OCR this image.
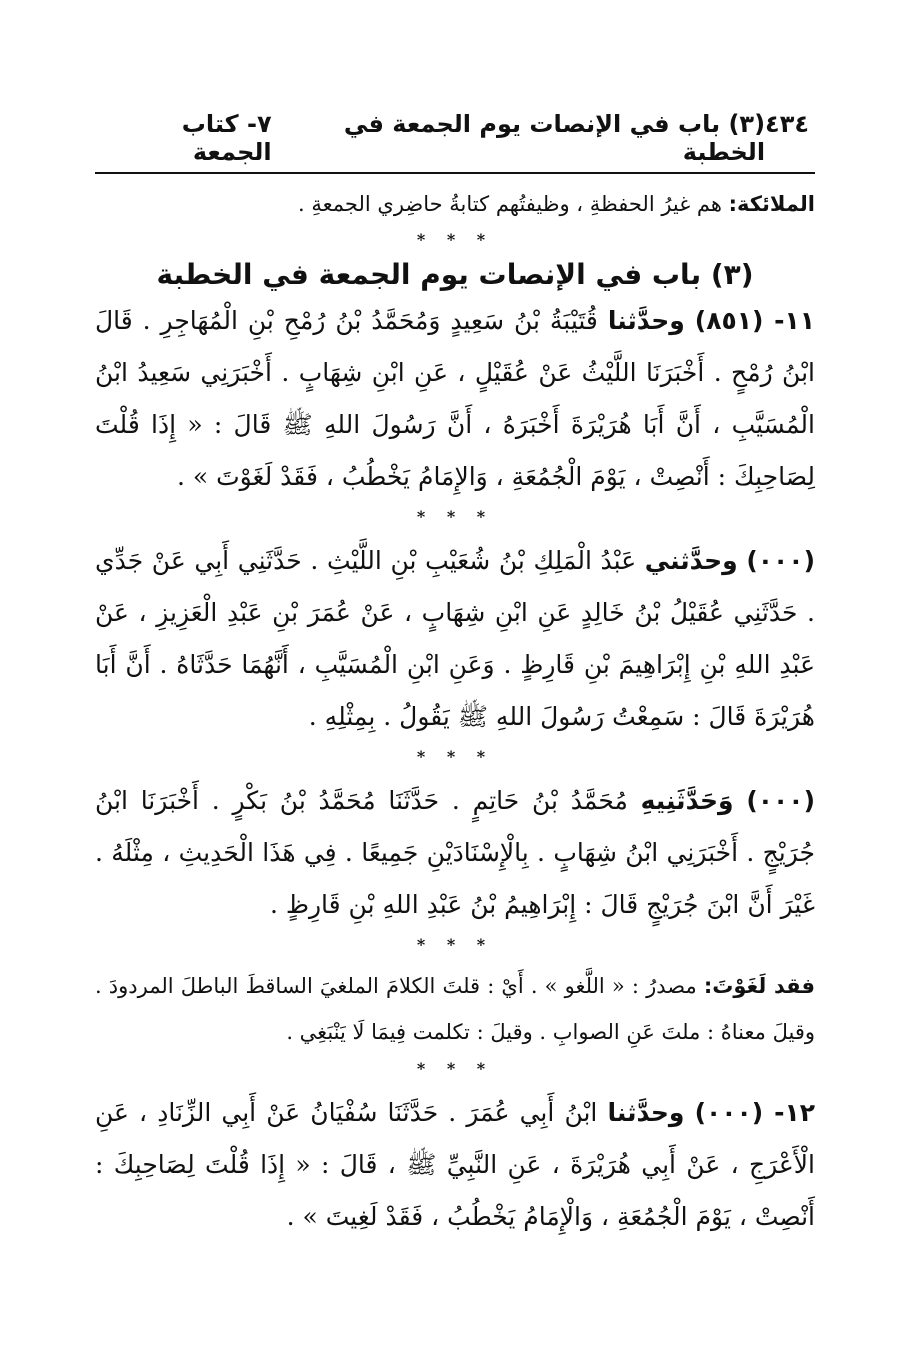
٤٣٤
(٣) باب في الإنصات يوم الجمعة في الخطبة
٧- كتاب الجمعة
الملائكة: هم غيرُ الحفظةِ ، وظيفتُهم كتابةُ حاضِري الجمعةِ .
* * *
(٣) باب في الإنصات يوم الجمعة في الخطبة

١١- (٨٥١) وحدَّثنا قُتَيْبَةُ بْنُ سَعِيدٍ وَمُحَمَّدُ بْنُ رُمْحِ بْنِ الْمُهَاجِرِ . قَالَ ابْنُ رُمْحٍ . أَخْبَرَنَا اللَّيْثُ عَنْ عُقَيْلٍ ، عَنِ ابْنِ شِهَابٍ . أَخْبَرَنِي سَعِيدُ ابْنُ الْمُسَيَّبِ ، أَنَّ أَبَا هُرَيْرَةَ أَخْبَرَهُ ، أَنَّ رَسُولَ اللهِ ﷺ قَالَ : « إِذَا قُلْتَ لِصَاحِبِكَ : أَنْصِتْ ، يَوْمَ الْجُمُعَةِ ، وَالإِمَامُ يَخْطُبُ ، فَقَدْ لَغَوْتَ » .

* * *

(٠٠٠) وحدَّثني عَبْدُ الْمَلِكِ بْنُ شُعَيْبِ بْنِ اللَّيْثِ . حَدَّثَنِي أَبِي عَنْ جَدِّي . حَدَّثَنِي عُقَيْلُ بْنُ خَالِدٍ عَنِ ابْنِ شِهَابٍ ، عَنْ عُمَرَ بْنِ عَبْدِ الْعَزِيزِ ، عَنْ عَبْدِ اللهِ بْنِ إِبْرَاهِيمَ بْنِ قَارِظٍ . وَعَنِ ابْنِ الْمُسَيَّبِ ، أَنَّهُمَا حَدَّثَاهُ . أَنَّ أَبَا هُرَيْرَةَ قَالَ : سَمِعْتُ رَسُولَ اللهِ ﷺ يَقُولُ . بِمِثْلِهِ .

* * *

(٠٠٠) وَحَدَّثَنِيهِ مُحَمَّدُ بْنُ حَاتِمٍ . حَدَّثَنَا مُحَمَّدُ بْنُ بَكْرٍ . أَخْبَرَنَا ابْنُ جُرَيْجٍ . أَخْبَرَنِي ابْنُ شِهَابٍ . بِالْإِسْنَادَيْنِ جَمِيعًا . فِي هَذَا الْحَدِيثِ ، مِثْلَهُ . غَيْرَ أَنَّ ابْنَ جُرَيْجٍ قَالَ : إِبْرَاهِيمُ بْنُ عَبْدِ اللهِ بْنِ قَارِظٍ .

* * *
فقد لَغَوْتَ: مصدرُ : « اللَّغو » . أَيْ : قلتَ الكلامَ الملغيَ الساقطَ الباطلَ المردودَ . وقيلَ معناهُ : ملتَ عَنِ الصوابِ . وقيلَ : تكلمت فِيمَا لَا يَنْبَغِي .
* * *

١٢- (٠٠٠) وحدَّثنا ابْنُ أَبِي عُمَرَ . حَدَّثَنَا سُفْيَانُ عَنْ أَبِي الزِّنَادِ ، عَنِ الْأَعْرَجِ ، عَنْ أَبِي هُرَيْرَةَ ، عَنِ النَّبِيِّ ﷺ ، قَالَ : « إِذَا قُلْتَ لِصَاحِبِكَ : أَنْصِتْ ، يَوْمَ الْجُمُعَةِ ، وَالْإِمَامُ يَخْطُبُ ، فَقَدْ لَغِيتَ » .
